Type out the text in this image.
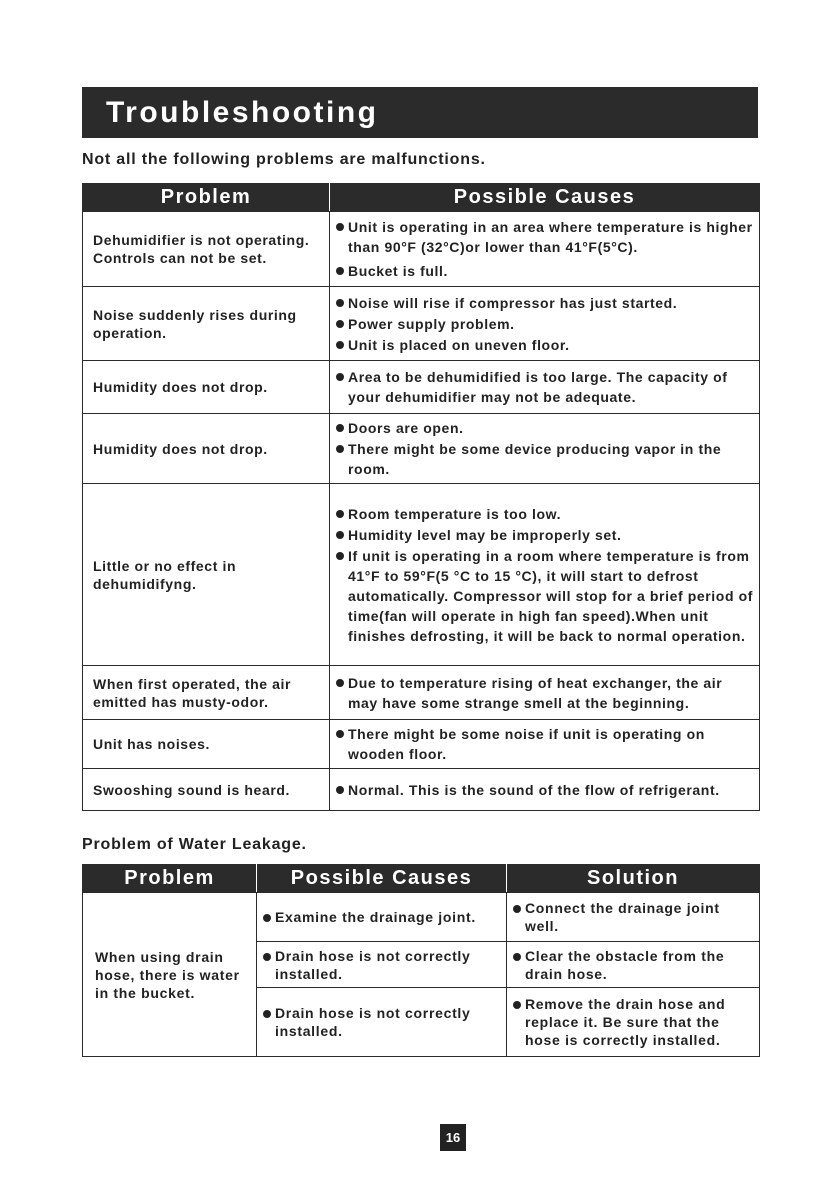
Troubleshooting
Not all the following problems are malfunctions.
Problem	Possible Causes
Dehumidifier is not operating. Controls can not be set.	Unit is operating in an area where temperature is higher than 90°F (32°C)or lower than 41°F(5°C).
Bucket is full.

Noise suddenly rises during operation.	Noise will rise if compressor has just started.
Power supply problem.
Unit is placed on uneven floor.

Humidity does not drop.	Area to be dehumidified is too large. The capacity of your dehumidifier may not be adequate.

Humidity does not drop.	Doors are open.
There might be some device producing vapor in the room.

Little or no effect in dehumidifyng.	Room temperature is too low.
Humidity level may be improperly set.
If unit is operating in a room where temperature is from 41°F to 59°F(5 °C to 15 °C), it will start to defrost automatically. Compressor will stop for a brief period of time(fan will operate in high fan speed).When unit finishes defrosting, it will be back to normal operation.

When first operated, the air emitted has musty-odor.	Due to temperature rising of heat exchanger, the air may have some strange smell at the beginning.

Unit has noises.	There might be some noise if unit is operating on wooden floor.

Swooshing sound is heard.	Normal. This is the sound of the flow of refrigerant.
Problem of Water Leakage.
Problem	Possible Causes	Solution
When using drain hose, there is water in the bucket.	Examine the drainage joint.	Connect the drainage joint well.

	Drain hose is not correctly installed.	Clear the obstacle from the drain hose.

	Drain hose is not correctly installed.	Remove the drain hose and replace it. Be sure that the hose is correctly installed.
16
